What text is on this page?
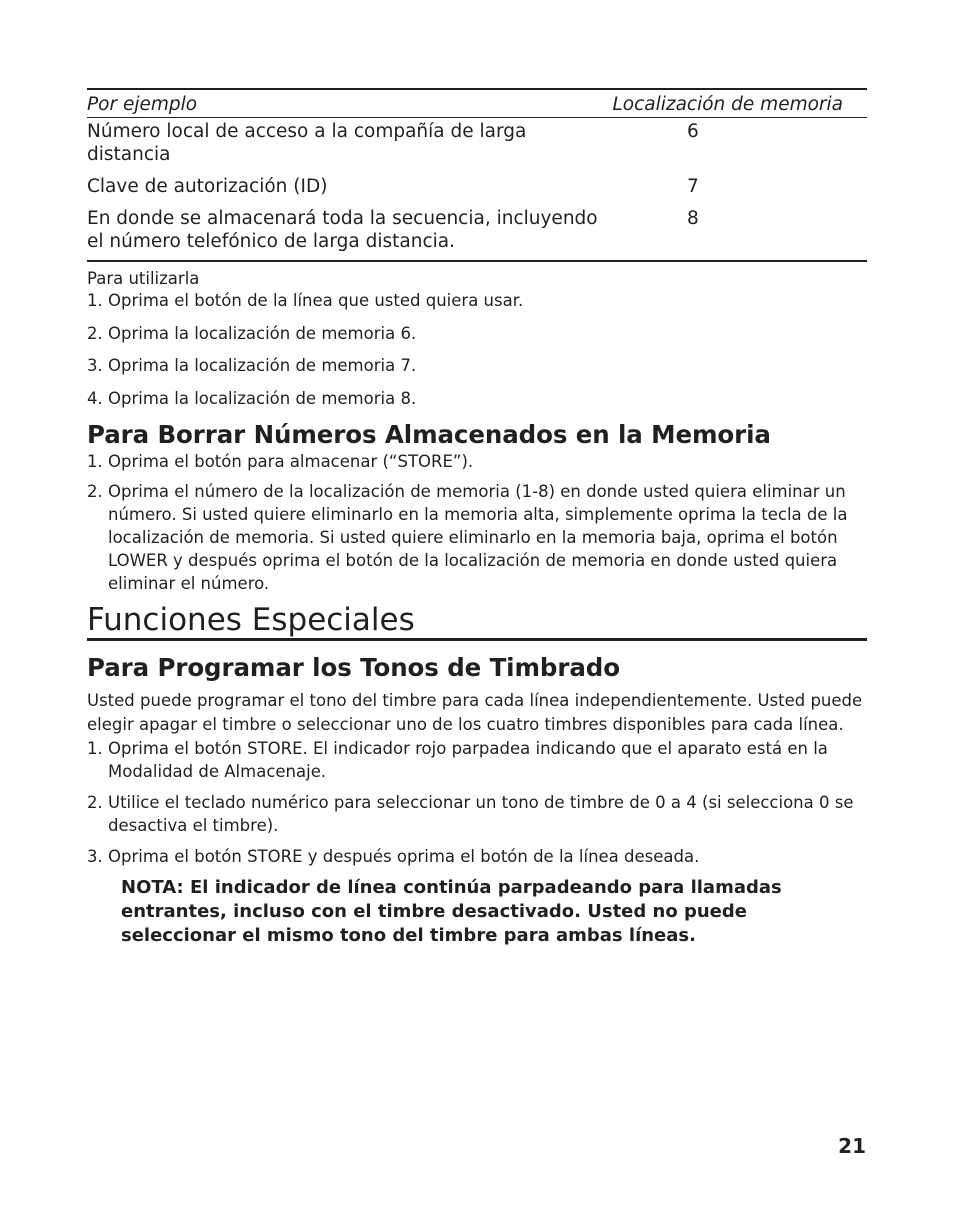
Por ejemplo	Localización de memoria
Número local de acceso a la compañía de larga distancia	6
Clave de autorización (ID)	7
En donde se almacenará toda la secuencia, incluyendo
el número telefónico de larga distancia.	8

Para utilizarla

1. Oprima el botón de la línea que usted quiera usar.
2. Oprima la localización de memoria 6.
3. Oprima la localización de memoria 7.
4. Oprima la localización de memoria 8.
Para Borrar Números Almacenados en la Memoria
1. Oprima el botón para almacenar (“STORE”).
2. Oprima el número de la localización de memoria (1-8) en donde usted quiera eliminar un número. Si usted quiere eliminarlo en la memoria alta, simplemente oprima la tecla de la localización de memoria. Si usted quiere eliminarlo en la memoria baja, oprima el botón LOWER y después oprima el botón de la localización de memoria en donde usted quiera eliminar el número.
Funciones Especiales
Para Programar los Tonos de Timbrado

Usted puede programar el tono del timbre para cada línea independientemente. Usted puede elegir apagar el timbre o seleccionar uno de los cuatro timbres disponibles para cada línea.

1. Oprima el botón STORE. El indicador rojo parpadea indicando que el aparato está en la Modalidad de Almacenaje.
2. Utilice el teclado numérico para seleccionar un tono de timbre de 0 a 4 (si selecciona 0 se desactiva el timbre).
3. Oprima el botón STORE y después oprima el botón de la línea deseada.

NOTA: El indicador de línea continúa parpadeando para llamadas entrantes, incluso con el timbre desactivado. Usted no puede seleccionar el mismo tono del timbre para ambas líneas.

21
